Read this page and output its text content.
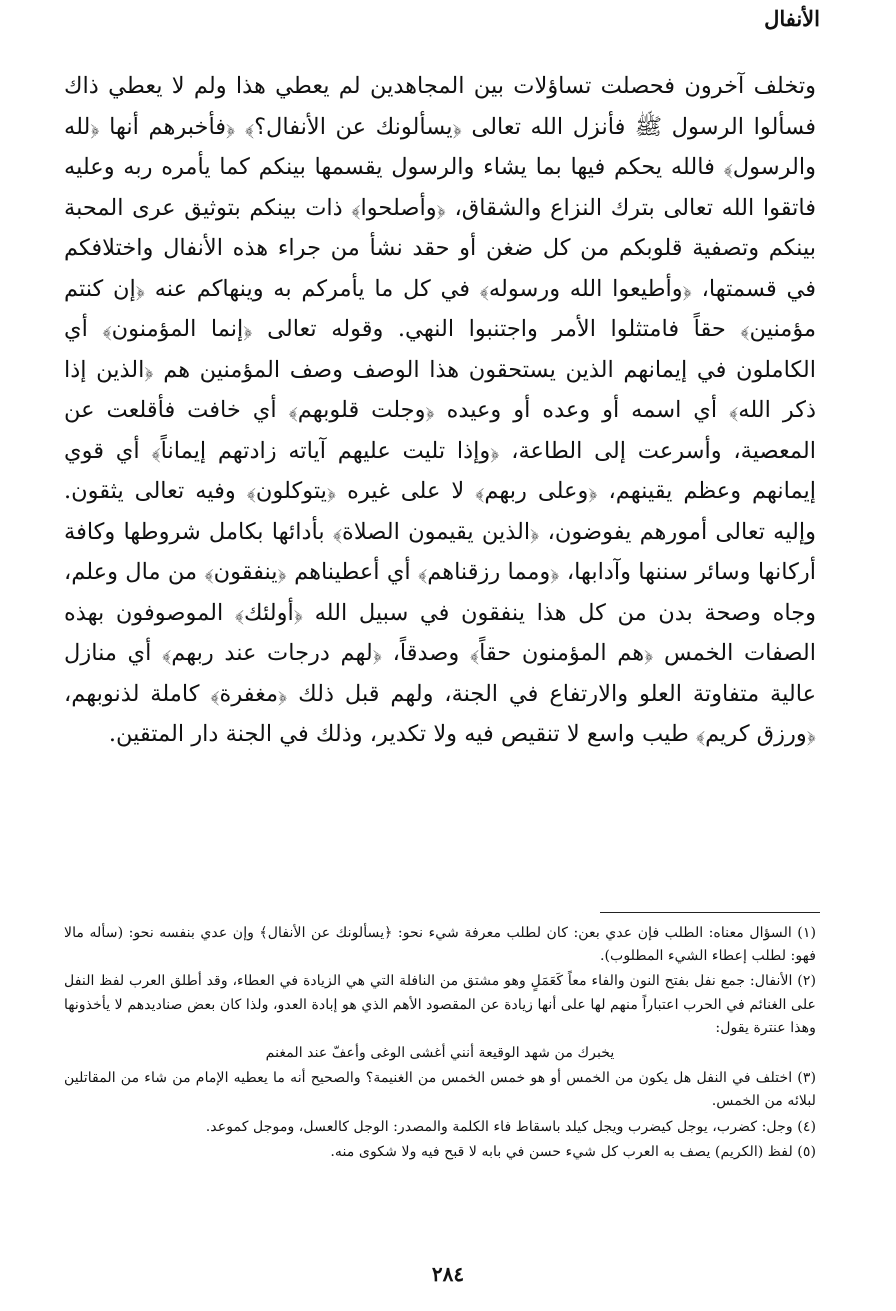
الأنفال

وتخلف آخرون فحصلت تساؤلات بين المجاهدين لم يعطي هذا ولم لا يعطي ذاك فسألوا الرسول ﷺ فأنزل الله تعالى ﴿يسألونك عن الأنفال؟﴾ ﴿فأخبرهم أنها ﴿لله والرسول﴾ فالله يحكم فيها بما يشاء والرسول يقسمها بينكم كما يأمره ربه وعليه فاتقوا الله تعالى بترك النزاع والشقاق، ﴿وأصلحوا﴾ ذات بينكم بتوثيق عرى المحبة بينكم وتصفية قلوبكم من كل ضغن أو حقد نشأ من جراء هذه الأنفال واختلافكم في قسمتها، ﴿وأطيعوا الله ورسوله﴾ في كل ما يأمركم به وينهاكم عنه ﴿إن كنتم مؤمنين﴾ حقاً فامتثلوا الأمر واجتنبوا النهي. وقوله تعالى ﴿إنما المؤمنون﴾ أي الكاملون في إيمانهم الذين يستحقون هذا الوصف وصف المؤمنين هم ﴿الذين إذا ذكر الله﴾ أي اسمه أو وعده أو وعيده ﴿وجلت قلوبهم﴾ أي خافت فأقلعت عن المعصية، وأسرعت إلى الطاعة، ﴿وإذا تليت عليهم آياته زادتهم إيماناً﴾ أي قوي إيمانهم وعظم يقينهم، ﴿وعلى ربهم﴾ لا على غيره ﴿يتوكلون﴾ وفيه تعالى يثقون. وإليه تعالى أمورهم يفوضون، ﴿الذين يقيمون الصلاة﴾ بأدائها بكامل شروطها وكافة أركانها وسائر سننها وآدابها، ﴿ومما رزقناهم﴾ أي أعطيناهم ﴿ينفقون﴾ من مال وعلم، وجاه وصحة بدن من كل هذا ينفقون في سبيل الله ﴿أولئك﴾ الموصوفون بهذه الصفات الخمس ﴿هم المؤمنون حقاً﴾ وصدقاً، ﴿لهم درجات عند ربهم﴾ أي منازل عالية متفاوتة العلو والارتفاع في الجنة، ولهم قبل ذلك ﴿مغفرة﴾ كاملة لذنوبهم، ﴿ورزق كريم﴾ طيب واسع لا تنقيص فيه ولا تكدير، وذلك في الجنة دار المتقين.

(١) السؤال معناه: الطلب فإن عدي بعن: كان لطلب معرفة شيء نحو: ﴿يسألونك عن الأنفال﴾ وإن عدي بنفسه نحو: (سأله مالا فهو: لطلب إعطاء الشيء المطلوب).

(٢) الأنفال: جمع نفل بفتح النون والفاء معاً كَعَمَلٍ وهو مشتق من النافلة التي هي الزيادة في العطاء، وقد أطلق العرب لفظ النفل على الغنائم في الحرب اعتباراً منهم لها على أنها زيادة عن المقصود الأهم الذي هو إبادة العدو، ولذا كان بعض صناديدهم لا يأخذونها وهذا عنترة يقول:

يخبرك من شهد الوقيعة أنني أغشى الوغى وأعفّ عند المغنم

(٣) اختلف في النفل هل يكون من الخمس أو هو خمس الخمس من الغنيمة؟ والصحيح أنه ما يعطيه الإمام من شاء من المقاتلين لبلائه من الخمس.

(٤) وجل: كضرب، يوجل كيضرب ويجل كيلد باسقاط فاء الكلمة والمصدر: الوجل كالعسل، وموجل كموعد.

(٥) لفظ (الكريم) يصف به العرب كل شيء حسن في بابه لا قبح فيه ولا شكوى منه.

٢٨٤
